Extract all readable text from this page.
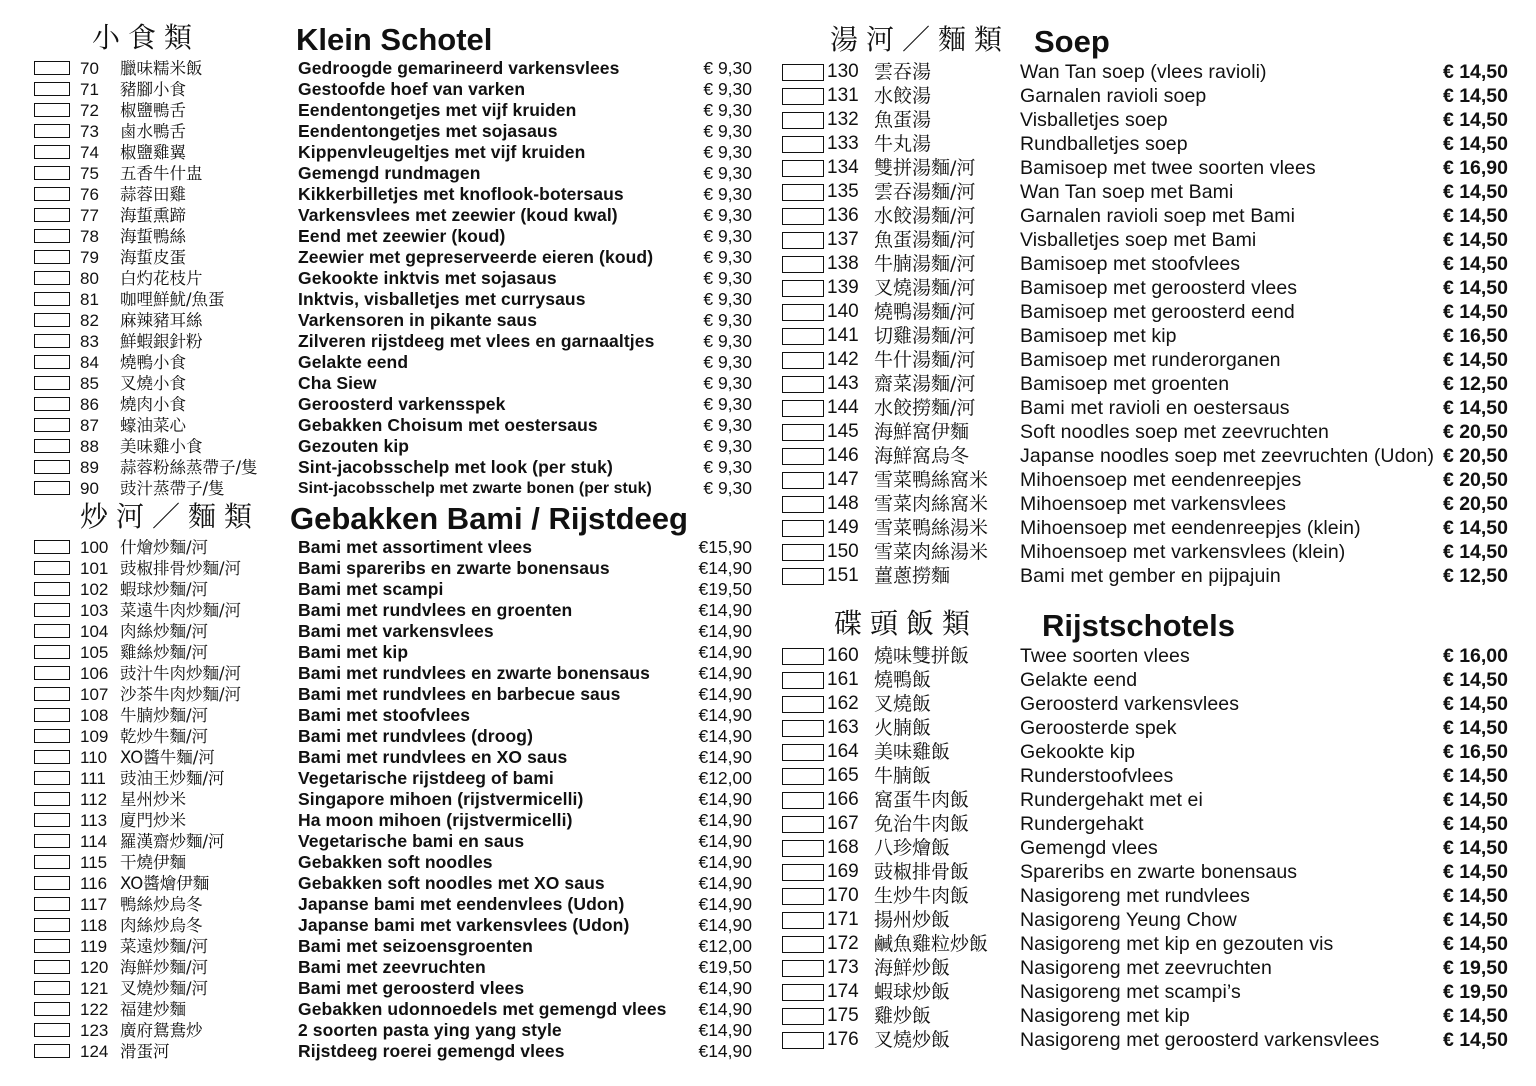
小食類	Klein Schotel
70 臘味糯米飯	Gedroogde gemarineerd varkensvlees	€ 9,30
71 豬腳小食	Gestoofde hoef van varken	€ 9,30
72 椒鹽鴨舌	Eendentongetjes met vijf kruiden	€ 9,30
73 鹵水鴨舌	Eendentongetjes met sojasaus	€ 9,30
74 椒鹽雞翼	Kippenvleugeltjes met vijf kruiden	€ 9,30
75 五香牛什盅	Gemengd rundmagen	€ 9,30
76 蒜蓉田雞	Kikkerbilletjes met knoflook-botersaus	€ 9,30
77 海蜇熏蹄	Varkensvlees met zeewier (koud kwal)	€ 9,30
78 海蜇鴨絲	Eend met zeewier (koud)	€ 9,30
79 海蜇皮蛋	Zeewier met gepreserveerde eieren (koud)	€ 9,30
80 白灼花枝片	Gekookte inktvis met sojasaus	€ 9,30
81 咖哩鮮魷/魚蛋	Inktvis, visballetjes met currysaus	€ 9,30
82 麻辣豬耳絲	Varkensoren in pikante saus	€ 9,30
83 鮮蝦銀針粉	Zilveren rijstdeeg met vlees en garnaaltjes	€ 9,30
84 燒鴨小食	Gelakte eend	€ 9,30
85 叉燒小食	Cha Siew	€ 9,30
86 燒肉小食	Geroosterd varkensspek	€ 9,30
87 蠔油菜心	Gebakken Choisum met oestersaus	€ 9,30
88 美味雞小食	Gezouten kip	€ 9,30
89 蒜蓉粉絲蒸帶子/隻 Sint-jacobsschelp met look (per stuk)	€ 9,30
90 豉汁蒸帶子/隻	Sint-jacobsschelp met zwarte bonen (per stuk)	€ 9,30
炒河／麵類 Gebakken Bami / Rijstdeeg
100 什燴炒麵/河	Bami met assortiment vlees	€15,90
101 豉椒排骨炒麵/河	Bami spareribs en zwarte bonensaus	€14,90
102 蝦球炒麵/河	Bami met scampi	€19,50
103 菜遠牛肉炒麵/河	Bami met rundvlees en groenten	€14,90
104 肉絲炒麵/河	Bami met varkensvlees	€14,90
105 雞絲炒麵/河	Bami met kip	€14,90
106 豉汁牛肉炒麵/河	Bami met rundvlees en zwarte bonensaus	€14,90
107 沙茶牛肉炒麵/河	Bami met rundvlees en barbecue saus	€14,90
108 牛腩炒麵/河	Bami met stoofvlees	€14,90
109 乾炒牛麵/河	Bami met rundvlees (droog)	€14,90
110 XO醬牛麵/河	Bami met rundvlees en XO saus	€14,90
111 豉油王炒麵/河	Vegetarische rijstdeeg of bami	€12,00
112 星州炒米	Singapore mihoen (rijstvermicelli)	€14,90
113 廈門炒米	Ha moon mihoen (rijstvermicelli)	€14,90
114 羅漢齋炒麵/河	Vegetarische bami en saus	€14,90
115 干燒伊麵	Gebakken soft noodles	€14,90
116 XO醬燴伊麵	Gebakken soft noodles met XO saus	€14,90
117 鴨絲炒烏冬	Japanse bami met eendenvlees (Udon)	€14,90
118 肉絲炒烏冬	Japanse bami met varkensvlees (Udon)	€14,90
119 菜遠炒麵/河	Bami met seizoensgroenten	€12,00
120 海鮮炒麵/河	Bami met zeevruchten	€19,50
121 叉燒炒麵/河	Bami met geroosterd vlees	€14,90
122 福建炒麵	Gebakken udonnoedels met gemengd vlees €14,90
123 廣府鴛鴦炒	2 soorten pasta ying yang style	€14,90
124 滑蛋河	Rijstdeeg roerei gemengd vlees	€14,90
湯河／麵類 Soep
130 雲吞湯	Wan Tan soep (vlees ravioli)	€ 14,50
131 水餃湯	Garnalen ravioli soep	€ 14,50
132 魚蛋湯	Visballetjes soep	€ 14,50
133 牛丸湯	Rundballetjes soep	€ 14,50
134 雙拼湯麵/河 Bamisoep met twee soorten vlees	€ 16,90
135 雲吞湯麵/河 Wan Tan soep met Bami	€ 14,50
136 水餃湯麵/河 Garnalen ravioli soep met Bami	€ 14,50
137 魚蛋湯麵/河 Visballetjes soep met Bami	€ 14,50
138 牛腩湯麵/河 Bamisoep met stoofvlees	€ 14,50
139 叉燒湯麵/河 Bamisoep met geroosterd vlees	€ 14,50
140 燒鴨湯麵/河 Bamisoep met geroosterd eend	€ 14,50
141 切雞湯麵/河 Bamisoep met kip	€ 16,50
142 牛什湯麵/河 Bamisoep met runderorganen	€ 14,50
143 齋菜湯麵/河 Bamisoep met groenten	€ 12,50
144 水餃撈麵/河 Bami met ravioli en oestersaus	€ 14,50
145 海鮮窩伊麵	Soft noodles soep met zeevruchten	€ 20,50
146 海鮮窩烏冬	Japanse noodles soep met zeevruchten (Udon) € 20,50
147 雪菜鴨絲窩米 Mihoensoep met eendenreepjes	€ 20,50
148 雪菜肉絲窩米 Mihoensoep met varkensvlees	€ 20,50
149 雪菜鴨絲湯米 Mihoensoep met eendenreepjes (klein)	€ 14,50
150 雪菜肉絲湯米 Mihoensoep met varkensvlees (klein)	€ 14,50
151 薑蔥撈麵	Bami met gember en pijpajuin	€ 12,50
碟頭飯類 Rijstschotels
160 燒味雙拼飯	Twee soorten vlees	€ 16,00
161 燒鴨飯	Gelakte eend	€ 14,50
162 叉燒飯	Geroosterd varkensvlees	€ 14,50
163 火腩飯	Geroosterde spek	€ 14,50
164 美味雞飯	Gekookte kip	€ 16,50
165 牛腩飯	Runderstoofvlees	€ 14,50
166 窩蛋牛肉飯	Rundergehakt met ei	€ 14,50
167 免治牛肉飯	Rundergehakt	€ 14,50
168 八珍燴飯	Gemengd vlees	€ 14,50
169 豉椒排骨飯	Spareribs en zwarte bonensaus	€ 14,50
170 生炒牛肉飯	Nasigoreng met rundvlees	€ 14,50
171 揚州炒飯	Nasigoreng Yeung Chow	€ 14,50
172 鹹魚雞粒炒飯 Nasigoreng met kip en gezouten vis	€ 14,50
173 海鮮炒飯	Nasigoreng met zeevruchten	€ 19,50
174 蝦球炒飯	Nasigoreng met scampi’s	€ 19,50
175 雞炒飯	Nasigoreng met kip	€ 14,50
176 叉燒炒飯	Nasigoreng met geroosterd varkensvlees	€ 14,50
